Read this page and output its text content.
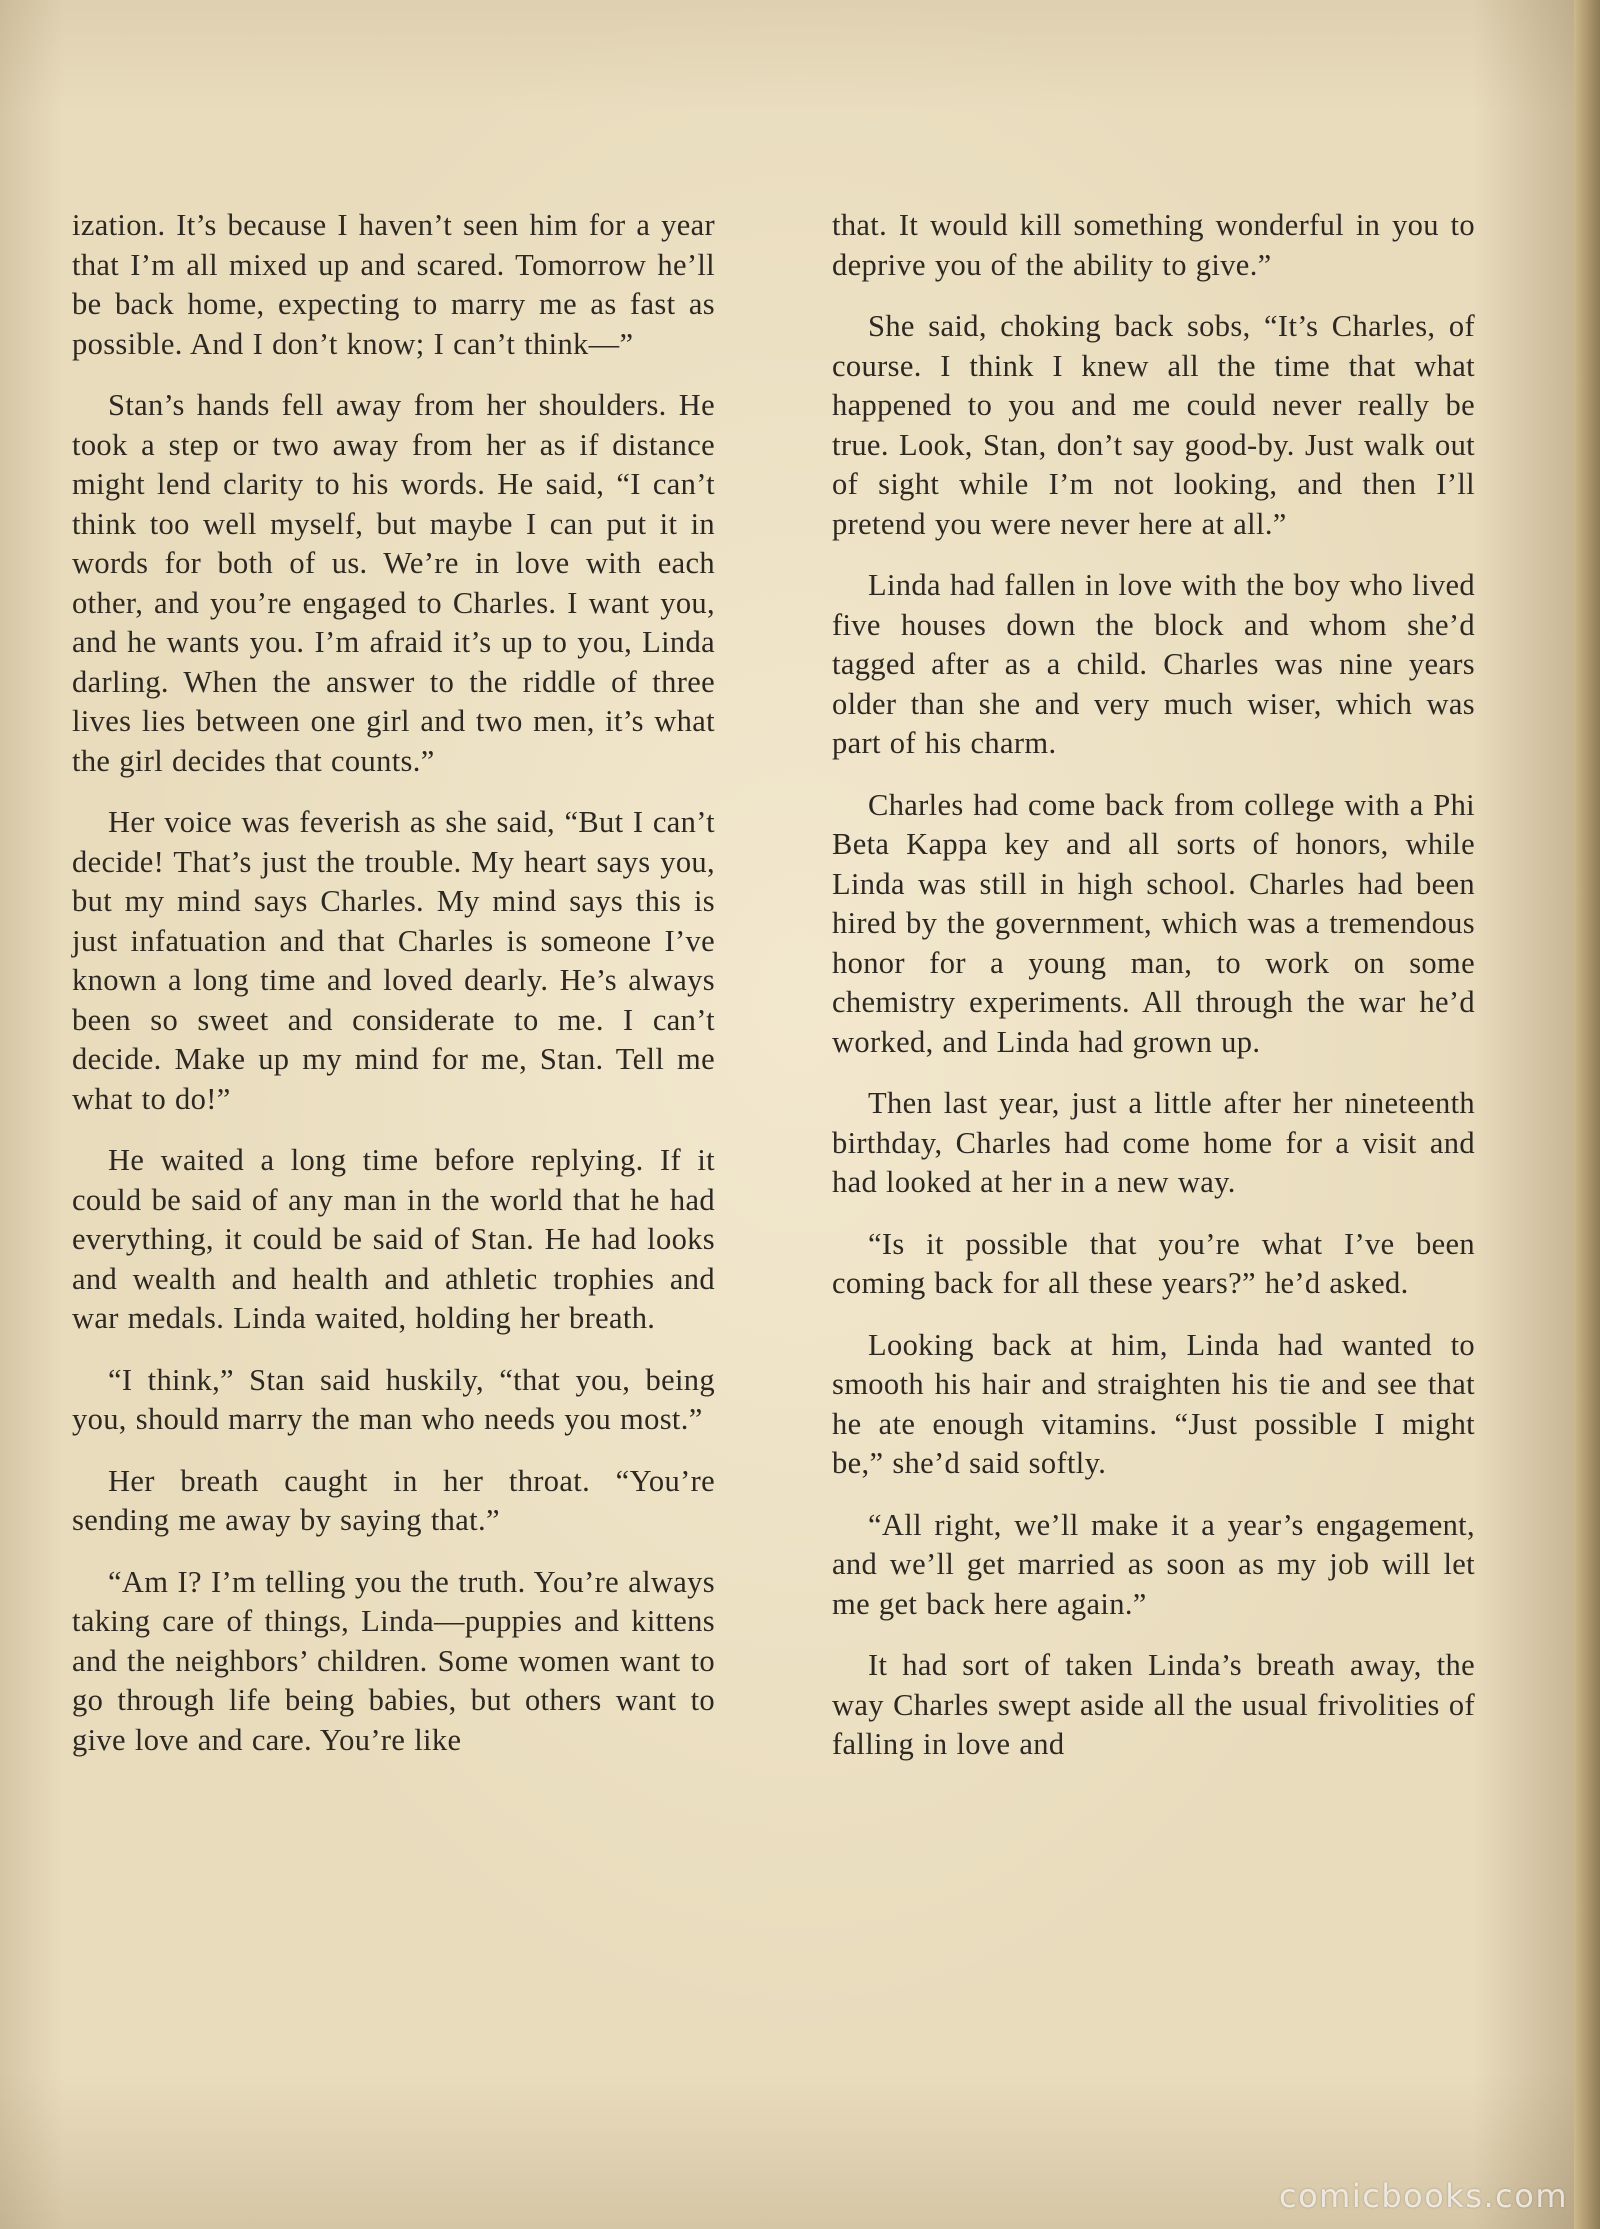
ization. It’s because I haven’t seen him for a year that I’m all mixed up and scared. Tomorrow he’ll be back home, expecting to marry me as fast as possible. And I don’t know; I can’t think—”

Stan’s hands fell away from her shoulders. He took a step or two away from her as if distance might lend clarity to his words. He said, “I can’t think too well myself, but maybe I can put it in words for both of us. We’re in love with each other, and you’re engaged to Charles. I want you, and he wants you. I’m afraid it’s up to you, Linda darling. When the answer to the riddle of three lives lies between one girl and two men, it’s what the girl decides that counts.”

Her voice was feverish as she said, “But I can’t decide! That’s just the trouble. My heart says you, but my mind says Charles. My mind says this is just infatuation and that Charles is someone I’ve known a long time and loved dearly. He’s always been so sweet and considerate to me. I can’t decide. Make up my mind for me, Stan. Tell me what to do!”

He waited a long time before replying. If it could be said of any man in the world that he had everything, it could be said of Stan. He had looks and wealth and health and athletic trophies and war medals. Linda waited, holding her breath.

“I think,” Stan said huskily, “that you, being you, should marry the man who needs you most.”

Her breath caught in her throat. “You’re sending me away by saying that.”

“Am I? I’m telling you the truth. You’re always taking care of things, Linda—puppies and kittens and the neighbors’ children. Some women want to go through life being babies, but others want to give love and care. You’re like

that. It would kill something wonderful in you to deprive you of the ability to give.”

She said, choking back sobs, “It’s Charles, of course. I think I knew all the time that what happened to you and me could never really be true. Look, Stan, don’t say good-by. Just walk out of sight while I’m not looking, and then I’ll pretend you were never here at all.”

Linda had fallen in love with the boy who lived five houses down the block and whom she’d tagged after as a child. Charles was nine years older than she and very much wiser, which was part of his charm.

Charles had come back from college with a Phi Beta Kappa key and all sorts of honors, while Linda was still in high school. Charles had been hired by the government, which was a tremendous honor for a young man, to work on some chemistry experiments. All through the war he’d worked, and Linda had grown up.

Then last year, just a little after her nineteenth birthday, Charles had come home for a visit and had looked at her in a new way.

“Is it possible that you’re what I’ve been coming back for all these years?” he’d asked.

Looking back at him, Linda had wanted to smooth his hair and straighten his tie and see that he ate enough vitamins. “Just possible I might be,” she’d said softly.

“All right, we’ll make it a year’s engagement, and we’ll get married as soon as my job will let me get back here again.”

It had sort of taken Linda’s breath away, the way Charles swept aside all the usual frivolities of falling in love and

comicbooks.com
